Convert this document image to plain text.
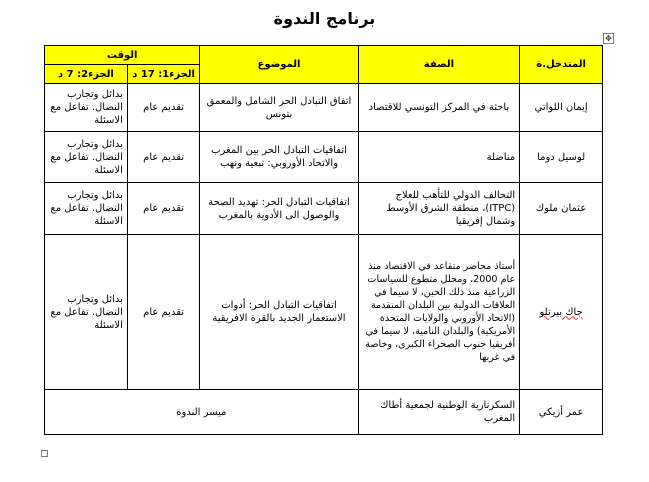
برنامج الندوة
✥
المتدخل.ة	الصفة	الموضوع	الوقت	
			الجزء1: 17 د	الجزء2: 7 د
إيمان اللواتي	باحثة في المركز التونسي للاقتصاد	اتفاق التبادل الحر الشامل والمعمق بتونس	تقديم عام	بدائل وتجارب النضال. تفاعل مع الاسئلة
لوسيل دوما	مناضلة	اتفاقيات التبادل الحر بين المغرب والاتحاد الأوروبي: تبعية ونهب	تقديم عام	بدائل وتجارب النضال. تفاعل مع الاسئلة
عثمان ملوك	التحالف الدولي للتأهب للعلاج (ITPC)، منطقة الشرق الأوسط وشمال إفريقيا	اتفاقيات التبادل الحر: تهديد الصحة والوصول الى الأدوية بالمغرب	تقديم عام	بدائل وتجارب النضال. تفاعل مع الاسئلة
جاك بيرتلو	أستاذ محاضر متقاعد في الاقتصاد منذ عام 2000، ومحلل متطوع للسياسات الزراعية منذ ذلك الحين، لا سيما في العلاقات الدولية بين البلدان المتقدمة (الاتحاد الأوروبي والولايات المتحدة الأمريكية) والبلدان النامية، لا سيما في أفريقيا جنوب الصحراء الكبرى، وخاصة في غربها	اتفاقيات التبادل الحر: أدوات الاستعمار الجديد بالقرة الافريقية	تقديم عام	بدائل وتجارب النضال. تفاعل مع الاسئلة
عمر أزيكي	السكرتارية الوطنية لجمعية أطاك المغرب	ميسر الندوة		
